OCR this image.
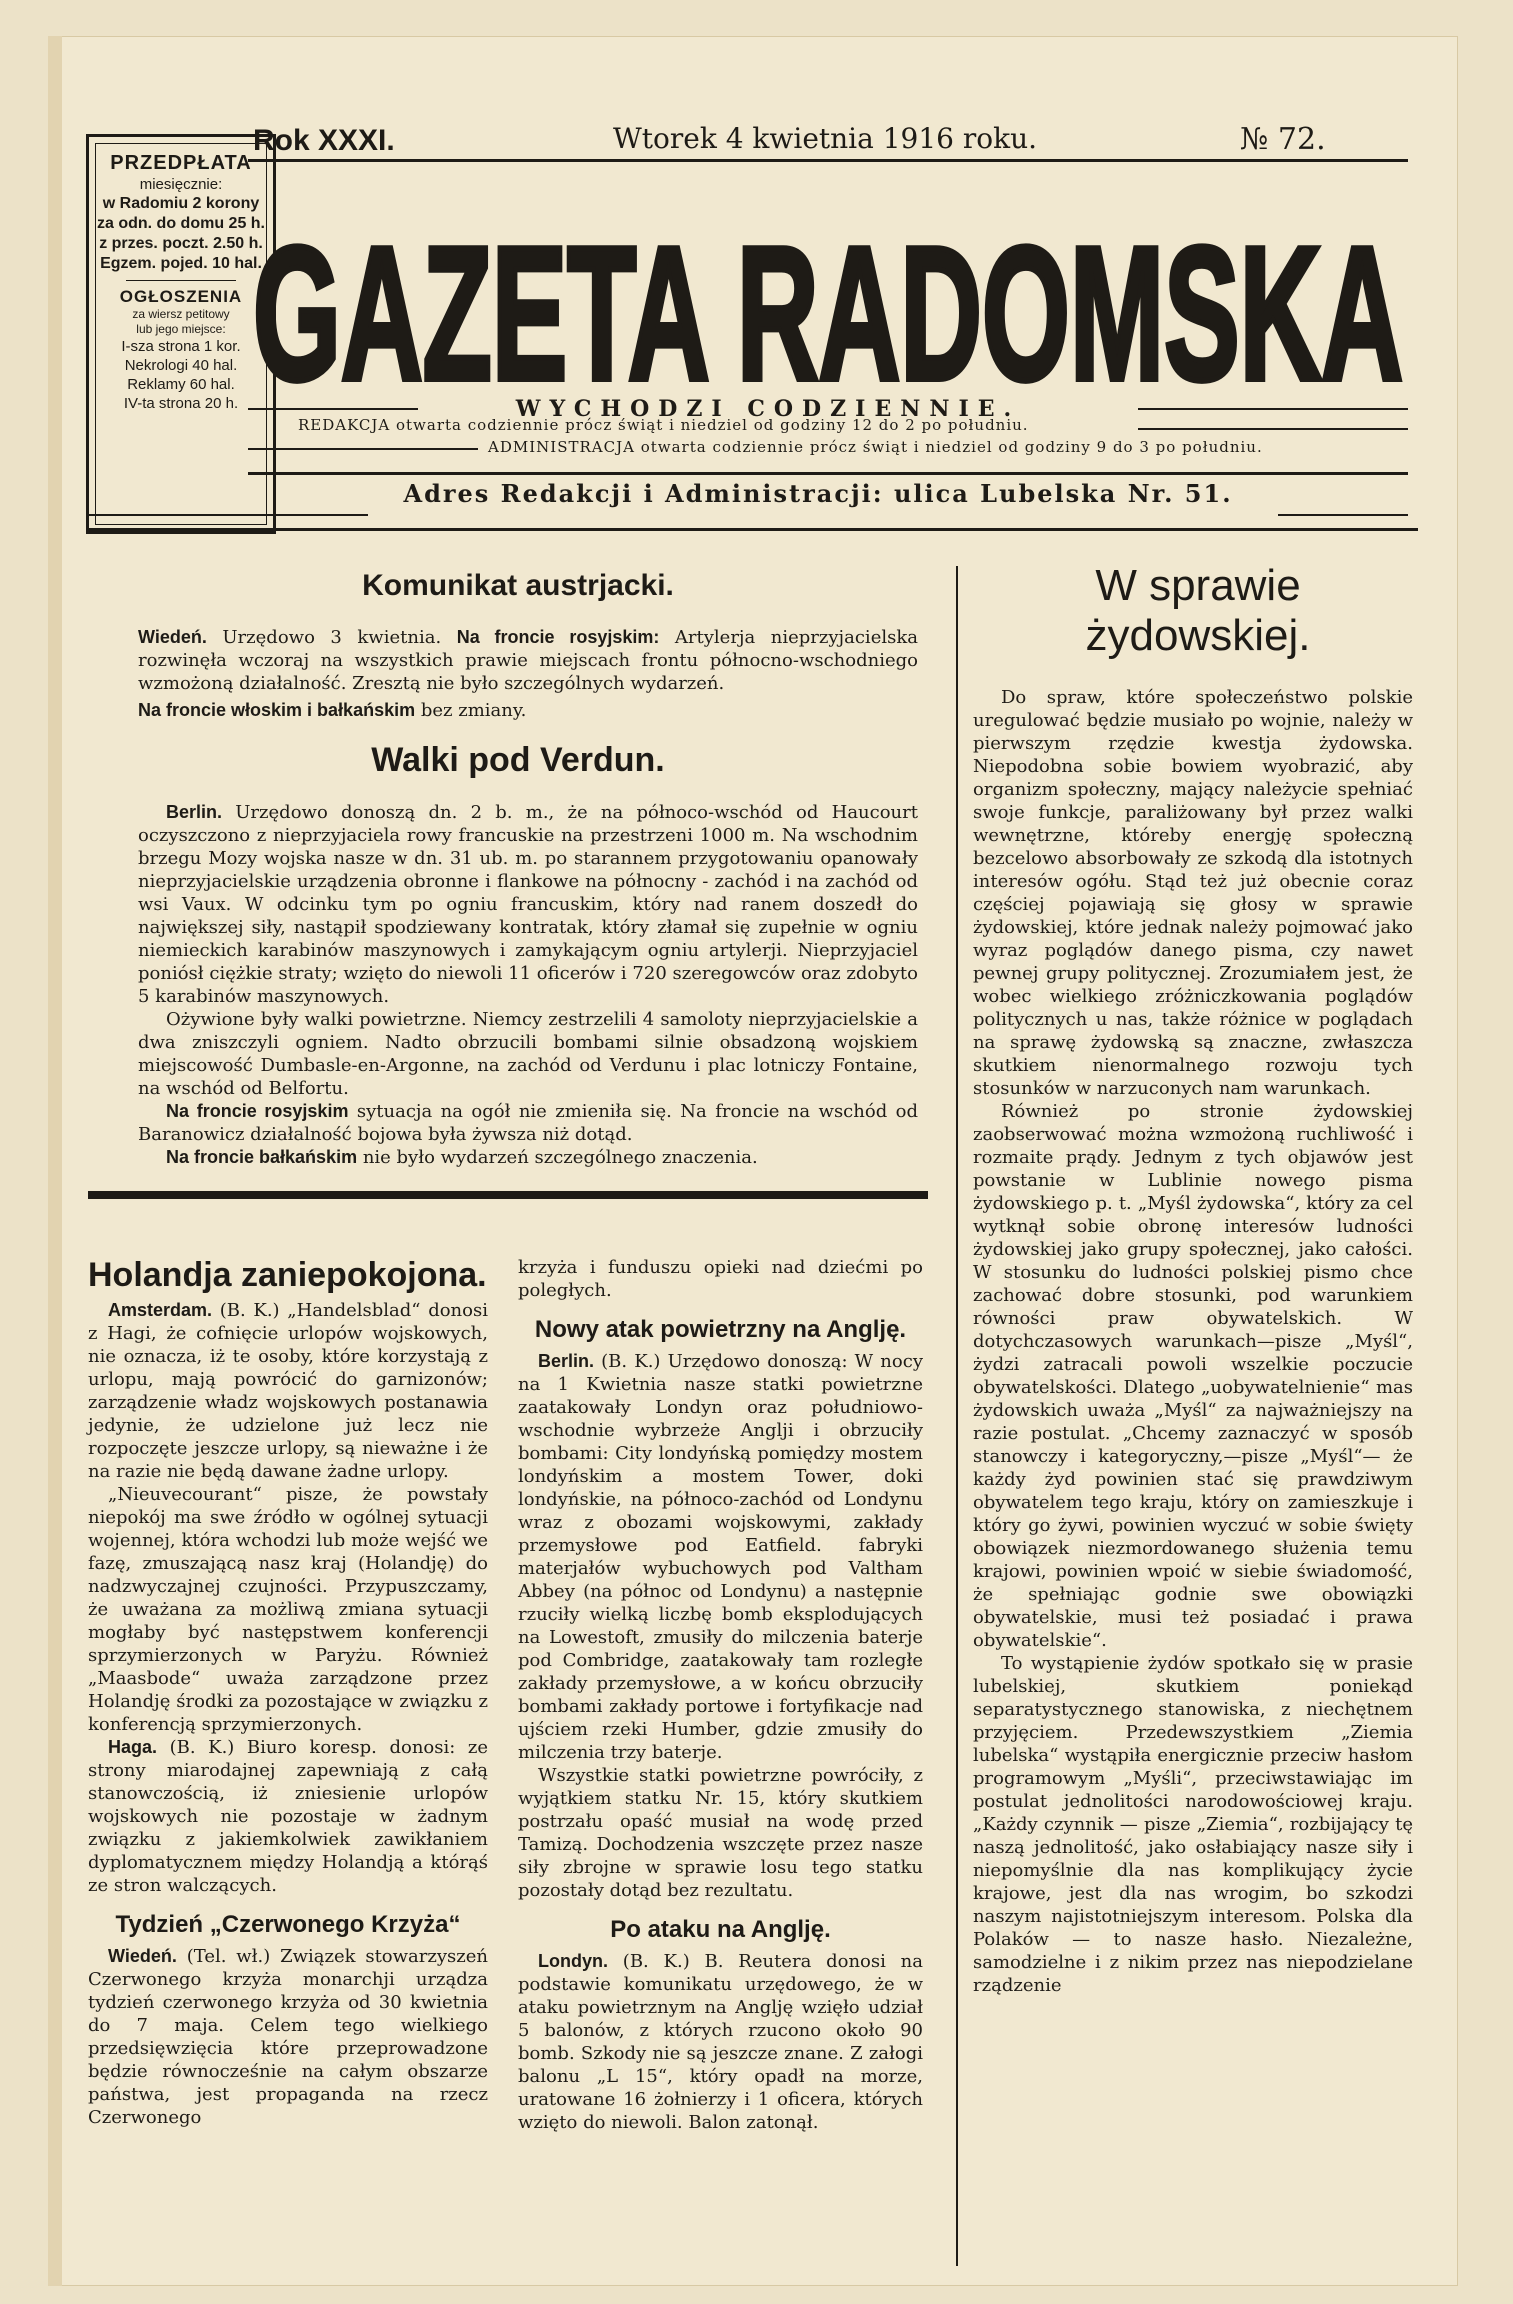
PRZEDPŁATA
miesięcznie:
w Radomiu 2 korony
za odn. do domu 25 h.
z przes. poczt. 2.50 h.
Egzem. pojed. 10 hal.
OGŁOSZENIA
za wiersz petitowy
lub jego miejsce:
I-sza strona 1 kor.
Nekrologi 40 hal.
Reklamy 60 hal.
IV-ta strona 20 h.
Rok XXXI.	Wtorek 4 kwietnia 1916 roku.	№ 72.
GAZETA RADOMSKA
WYCHODZI CODZIENNIE.
REDAKCJA otwarta codziennie prócz świąt i niedziel od godziny 12 do 2 po południu.
ADMINISTRACJA otwarta codziennie prócz świąt i niedziel od godziny 9 do 3 po południu.
Adres Redakcji i Administracji: ulica Lubelska Nr. 51.
Komunikat austrjacki.

Wiedeń. Urzędowo 3 kwietnia. Na froncie rosyjskim: Artylerja nieprzyjacielska rozwinęła wczoraj na wszystkich prawie miejscach frontu północno-wschodniego wzmożoną działalność. Zresztą nie było szczególnych wydarzeń.

Na froncie włoskim i bałkańskim bez zmiany.

Walki pod Verdun.

Berlin. Urzędowo donoszą dn. 2 b. m., że na północo-wschód od Haucourt oczyszczono z nieprzyjaciela rowy francuskie na przestrzeni 1000 m. Na wschodnim brzegu Mozy wojska nasze w dn. 31 ub. m. po starannem przygotowaniu opanowały nieprzyjacielskie urządzenia obronne i flankowe na północny - zachód i na zachód od wsi Vaux. W odcinku tym po ogniu francuskim, który nad ranem doszedł do największej siły, nastąpił spodziewany kontratak, który złamał się zupełnie w ogniu niemieckich karabinów maszynowych i zamykającym ogniu artylerji. Nieprzyjaciel poniósł ciężkie straty; wzięto do niewoli 11 oficerów i 720 szeregowców oraz zdobyto 5 karabinów maszynowych.

Ożywione były walki powietrzne. Niemcy zestrzelili 4 samoloty nieprzyjacielskie a dwa zniszczyli ogniem. Nadto obrzucili bombami silnie obsadzoną wojskiem miejscowość Dumbasle-en-Argonne, na zachód od Verdunu i plac lotniczy Fontaine, na wschód od Belfortu.

Na froncie rosyjskim sytuacja na ogół nie zmieniła się. Na froncie na wschód od Baranowicz działalność bojowa była żywsza niż dotąd.

Na froncie bałkańskim nie było wydarzeń szczególnego znaczenia.

Holandja zaniepokojona.

Amsterdam. (B. K.) „Handelsblad“ donosi z Hagi, że cofnięcie urlopów wojskowych, nie oznacza, iż te osoby, które korzystają z urlopu, mają powrócić do garnizonów; zarządzenie władz wojskowych postanawia jedynie, że udzielone już lecz nie rozpoczęte jeszcze urlopy, są nieważne i że na razie nie będą dawane żadne urlopy.

„Nieuvecourant“ pisze, że powstały niepokój ma swe źródło w ogólnej sytuacji wojennej, która wchodzi lub może wejść we fazę, zmuszającą nasz kraj (Holandję) do nadzwyczajnej czujności. Przypuszczamy, że uważana za możliwą zmiana sytuacji mogłaby być następstwem konferencji sprzymierzonych w Paryżu. Również „Maasbode“ uważa zarządzone przez Holandję środki za pozostające w związku z konferencją sprzymierzonych.

Haga. (B. K.) Biuro koresp. donosi: ze strony miarodajnej zapewniają z całą stanowczością, iż zniesienie urlopów wojskowych nie pozostaje w żadnym związku z jakiemkolwiek zawikłaniem dyplomatycznem między Holandją a którąś ze stron walczących.

Tydzień „Czerwonego Krzyża“

Wiedeń. (Tel. wł.) Związek stowarzyszeń Czerwonego krzyża monarchji urządza tydzień czerwonego krzyża od 30 kwietnia do 7 maja. Celem tego wielkiego przedsięwzięcia które przeprowadzone będzie równocześnie na całym obszarze państwa, jest propaganda na rzecz Czerwonego

krzyża i funduszu opieki nad dziećmi po poległych.

Nowy atak powietrzny na Anglję.

Berlin. (B. K.) Urzędowo donoszą: W nocy na 1 Kwietnia nasze statki powietrzne zaatakowały Londyn oraz południowo-wschodnie wybrzeże Anglji i obrzuciły bombami: City londyńską pomiędzy mostem londyńskim a mostem Tower, doki londyńskie, na północo-zachód od Londynu wraz z obozami wojskowymi, zakłady przemysłowe pod Eatfield. fabryki materjałów wybuchowych pod Valtham Abbey (na północ od Londynu) a następnie rzuciły wielką liczbę bomb eksplodujących na Lowestoft, zmusiły do milczenia baterje pod Combridge, zaatakowały tam rozległe zakłady przemysłowe, a w końcu obrzuciły bombami zakłady portowe i fortyfikacje nad ujściem rzeki Humber, gdzie zmusiły do milczenia trzy baterje.

Wszystkie statki powietrzne powróciły, z wyjątkiem statku Nr. 15, który skutkiem postrzału opaść musiał na wodę przed Tamizą. Dochodzenia wszczęte przez nasze siły zbrojne w sprawie losu tego statku pozostały dotąd bez rezultatu.

Po ataku na Anglję.

Londyn. (B. K.) B. Reutera donosi na podstawie komunikatu urzędowego, że w ataku powietrznym na Anglję wzięło udział 5 balonów, z których rzucono około 90 bomb. Szkody nie są jeszcze znane. Z załogi balonu „L 15“, który opadł na morze, uratowane 16 żołnierzy i 1 oficera, których wzięto do niewoli. Balon zatonął.

W sprawie żydowskiej.

Do spraw, które społeczeństwo polskie uregulować będzie musiało po wojnie, należy w pierwszym rzędzie kwestja żydowska. Niepodobna sobie bowiem wyobrazić, aby organizm społeczny, mający należycie spełniać swoje funkcje, paraliżowany był przez walki wewnętrzne, któreby energję społeczną bezcelowo absorbowały ze szkodą dla istotnych interesów ogółu. Stąd też już obecnie coraz częściej pojawiają się głosy w sprawie żydowskiej, które jednak należy pojmować jako wyraz poglądów danego pisma, czy nawet pewnej grupy politycznej. Zrozumiałem jest, że wobec wielkiego zróżniczkowania poglądów politycznych u nas, także różnice w poglądach na sprawę żydowską są znaczne, zwłaszcza skutkiem nienormalnego rozwoju tych stosunków w narzuconych nam warunkach.

Również po stronie żydowskiej zaobserwować można wzmożoną ruchliwość i rozmaite prądy. Jednym z tych objawów jest powstanie w Lublinie nowego pisma żydowskiego p. t. „Myśl żydowska“, który za cel wytknął sobie obronę interesów ludności żydowskiej jako grupy społecznej, jako całości. W stosunku do ludności polskiej pismo chce zachować dobre stosunki, pod warunkiem równości praw obywatelskich. W dotychczasowych warunkach—pisze „Myśl“, żydzi zatracali powoli wszelkie poczucie obywatelskości. Dlatego „uobywatelnienie“ mas żydowskich uważa „Myśl“ za najważniejszy na razie postulat. „Chcemy zaznaczyć w sposób stanowczy i kategoryczny,—pisze „Myśl“— że każdy żyd powinien stać się prawdziwym obywatelem tego kraju, który on zamieszkuje i który go żywi, powinien wyczuć w sobie święty obowiązek niezmordowanego służenia temu krajowi, powinien wpoić w siebie świadomość, że spełniając godnie swe obowiązki obywatelskie, musi też posiadać i prawa obywatelskie“.

To wystąpienie żydów spotkało się w prasie lubelskiej, skutkiem poniekąd separatystycznego stanowiska, z niechętnem przyjęciem. Przedewszystkiem „Ziemia lubelska“ wystąpiła energicznie przeciw hasłom programowym „Myśli“, przeciwstawiając im postulat jednolitości narodowościowej kraju. „Każdy czynnik — pisze „Ziemia“, rozbijający tę naszą jednolitość, jako osłabiający nasze siły i niepomyślnie dla nas komplikujący życie krajowe, jest dla nas wrogim, bo szkodzi naszym najistotniejszym interesom. Polska dla Polaków — to nasze hasło. Niezależne, samodzielne i z nikim przez nas niepodzielane rządzenie
